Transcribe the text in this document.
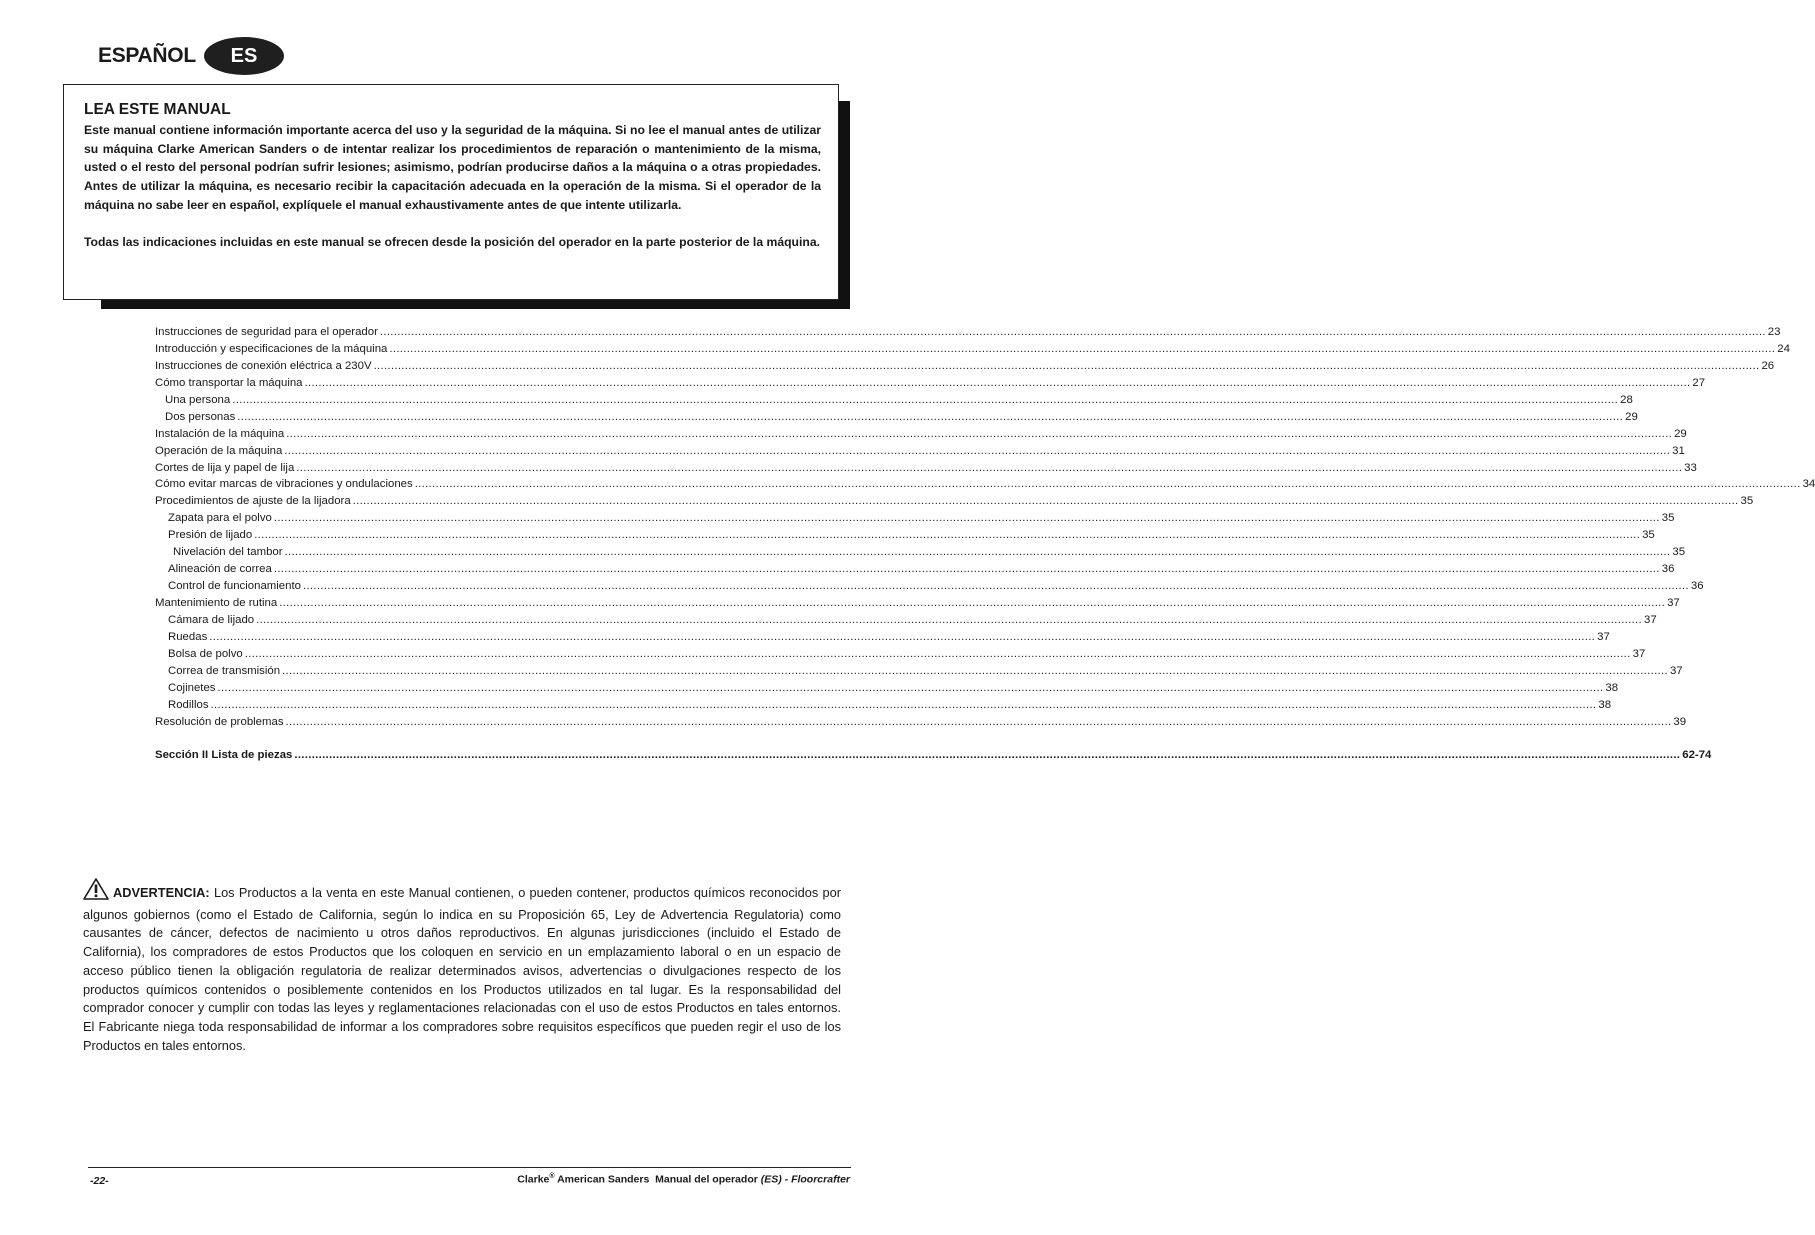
ESPAÑOL	ES
LEA ESTE MANUAL

Este manual contiene información importante acerca del uso y la seguridad de la máquina. Si no lee el manual antes de utilizar su máquina Clarke American Sanders o de intentar realizar los procedimientos de reparación o mantenimiento de la misma, usted o el resto del personal podrían sufrir lesiones; asimismo, podrían producirse daños a la máquina o a otras propiedades. Antes de utilizar la máquina, es necesario recibir la capacitación adecuada en la operación de la misma. Si el operador de la máquina no sabe leer en español, explíquele el manual exhaustivamente antes de que intente utilizarla.

Todas las indicaciones incluidas en este manual se ofrecen desde la posición del operador en la parte posterior de la máquina.

Instrucciones de seguridad para el operador ................................................................................................................................................................................................................................................................................................................................................................................................................ 23
Introducción y especificaciones de la máquina ................................................................................................................................................................................................................................................................................................................................................................................................................ 24
Instrucciones de conexión eléctrica a 230V ................................................................................................................................................................................................................................................................................................................................................................................................................ 26
Cómo transportar la máquina ................................................................................................................................................................................................................................................................................................................................................................................................................ 27
Una persona ................................................................................................................................................................................................................................................................................................................................................................................................................ 28
Dos personas ................................................................................................................................................................................................................................................................................................................................................................................................................ 29
Instalación de la máquina ................................................................................................................................................................................................................................................................................................................................................................................................................ 29
Operación de la máquina ................................................................................................................................................................................................................................................................................................................................................................................................................ 31
Cortes de lija y papel de lija ................................................................................................................................................................................................................................................................................................................................................................................................................ 33
Cómo evitar marcas de vibraciones y ondulaciones ................................................................................................................................................................................................................................................................................................................................................................................................................ 34
Procedimientos de ajuste de la lijadora ................................................................................................................................................................................................................................................................................................................................................................................................................ 35
Zapata para el polvo ................................................................................................................................................................................................................................................................................................................................................................................................................ 35
Presión de lijado ................................................................................................................................................................................................................................................................................................................................................................................................................ 35
Nivelación del tambor ................................................................................................................................................................................................................................................................................................................................................................................................................ 35
Alineación de correa ................................................................................................................................................................................................................................................................................................................................................................................................................ 36
Control de funcionamiento ................................................................................................................................................................................................................................................................................................................................................................................................................ 36
Mantenimiento de rutina ................................................................................................................................................................................................................................................................................................................................................................................................................ 37
Cámara de lijado ................................................................................................................................................................................................................................................................................................................................................................................................................ 37
Ruedas ................................................................................................................................................................................................................................................................................................................................................................................................................ 37
Bolsa de polvo ................................................................................................................................................................................................................................................................................................................................................................................................................ 37
Correa de transmisión ................................................................................................................................................................................................................................................................................................................................................................................................................ 37
Cojinetes ................................................................................................................................................................................................................................................................................................................................................................................................................ 38
Rodillos ................................................................................................................................................................................................................................................................................................................................................................................................................ 38
Resolución de problemas ................................................................................................................................................................................................................................................................................................................................................................................................................ 39
Sección II Lista de piezas ................................................................................................................................................................................................................................................................................................................................................................................................................ 62-74
ADVERTENCIA: Los Productos a la venta en este Manual contienen, o pueden contener, productos químicos reconocidos por algunos gobiernos (como el Estado de California, según lo indica en su Proposición 65, Ley de Advertencia Regulatoria) como causantes de cáncer, defectos de nacimiento u otros daños reproductivos. En algunas jurisdicciones (incluido el Estado de California), los compradores de estos Productos que los coloquen en servicio en un emplazamiento laboral o en un espacio de acceso público tienen la obligación regulatoria de realizar determinados avisos, advertencias o divulgaciones respecto de los productos químicos contenidos o posiblemente contenidos en los Productos utilizados en tal lugar. Es la responsabilidad del comprador conocer y cumplir con todas las leyes y reglamentaciones relacionadas con el uso de estos Productos en tales entornos. El Fabricante niega toda responsabilidad de informar a los compradores sobre requisitos específicos que pueden regir el uso de los Productos en tales entornos.
-22-	Clarke® American Sanders  Manual del operador (ES) - Floorcrafter
